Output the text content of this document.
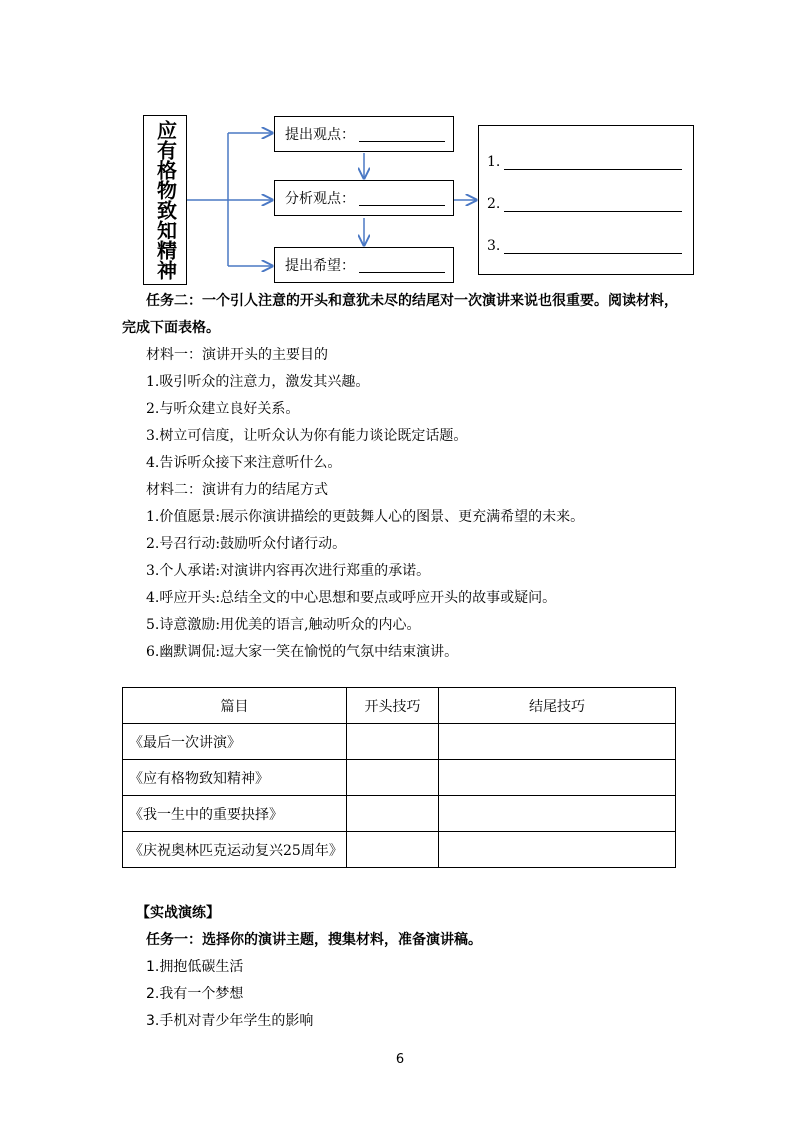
应有格物致知精神	提出观点：
分析观点：
提出希望：
1.
2.
3.
任务二：一个引人注意的开头和意犹未尽的结尾对一次演讲来说也很重要。阅读材料，
完成下面表格。
材料一：演讲开头的主要目的
1.吸引听众的注意力，激发其兴趣。
2.与听众建立良好关系。
3.树立可信度，让听众认为你有能力谈论既定话题。
4.告诉听众接下来注意听什么。
材料二：演讲有力的结尾方式
1.价值愿景:展示你演讲描绘的更鼓舞人心的图景、更充满希望的未来。
2.号召行动:鼓励听众付诸行动。
3.个人承诺:对演讲内容再次进行郑重的承诺。
4.呼应开头:总结全文的中心思想和要点或呼应开头的故事或疑问。
5.诗意激励:用优美的语言,触动听众的内心。
6.幽默调侃:逗大家一笑在愉悦的气氛中结束演讲。
篇目	开头技巧	结尾技巧
《最后一次讲演》		
《应有格物致知精神》		
《我一生中的重要抉择》		
《庆祝奥林匹克运动复兴25周年》		
【实战演练】
任务一：选择你的演讲主题，搜集材料，准备演讲稿。
1.拥抱低碳生活
2.我有一个梦想
3.手机对青少年学生的影响
6
